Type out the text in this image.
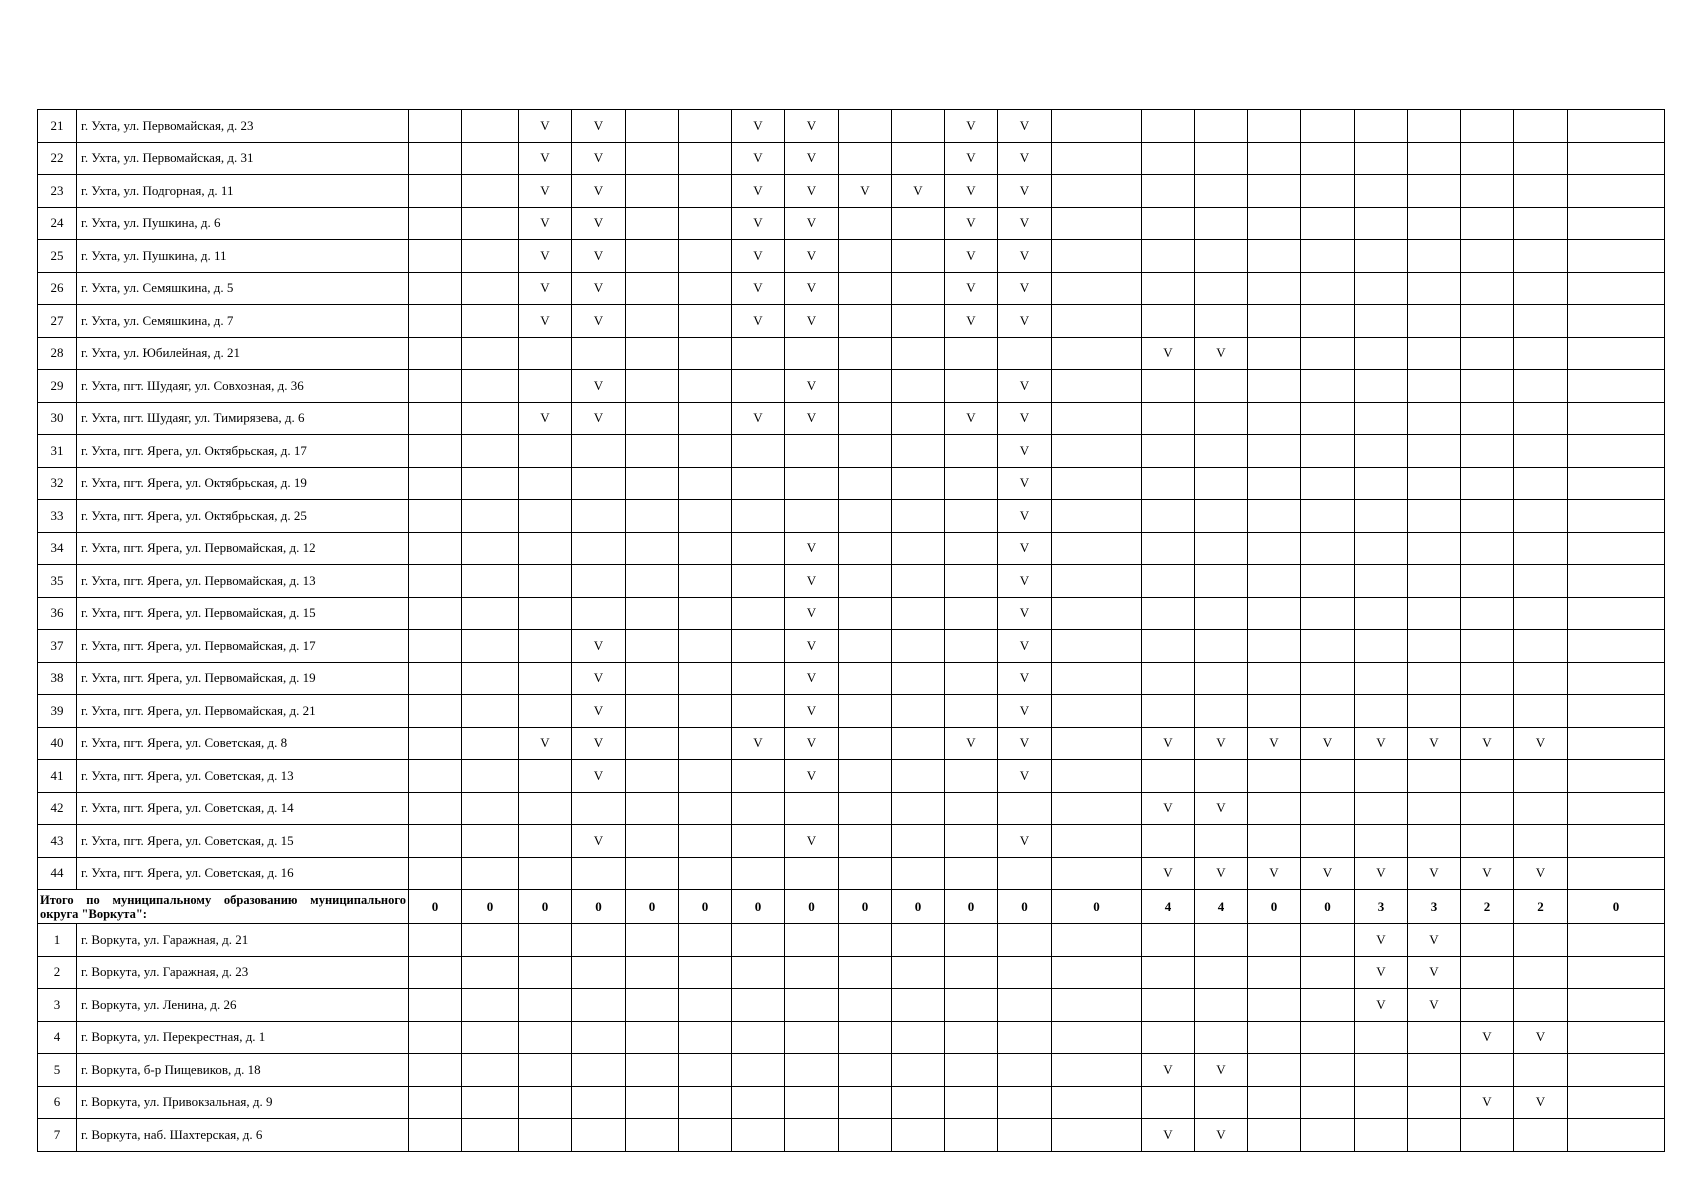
21	г. Ухта, ул. Первомайская, д. 23			V	V			V	V			V	V										
22	г. Ухта, ул. Первомайская, д. 31			V	V			V	V			V	V										
23	г. Ухта, ул. Подгорная, д. 11			V	V			V	V	V	V	V	V										
24	г. Ухта, ул. Пушкина, д. 6			V	V			V	V			V	V										
25	г. Ухта, ул. Пушкина, д. 11			V	V			V	V			V	V										
26	г. Ухта, ул. Семяшкина, д. 5			V	V			V	V			V	V										
27	г. Ухта, ул. Семяшкина, д. 7			V	V			V	V			V	V										
28	г. Ухта, ул. Юбилейная, д. 21														V	V							
29	г. Ухта, пгт. Шудаяг, ул. Совхозная, д. 36				V				V				V										
30	г. Ухта, пгт. Шудаяг, ул. Тимирязева, д. 6			V	V			V	V			V	V										
31	г. Ухта, пгт. Ярега, ул. Октябрьская, д. 17												V										
32	г. Ухта, пгт. Ярега, ул. Октябрьская, д. 19												V										
33	г. Ухта, пгт. Ярега, ул. Октябрьская, д. 25												V										
34	г. Ухта, пгт. Ярега, ул. Первомайская, д. 12								V				V										
35	г. Ухта, пгт. Ярега, ул. Первомайская, д. 13								V				V										
36	г. Ухта, пгт. Ярега, ул. Первомайская, д. 15								V				V										
37	г. Ухта, пгт. Ярега, ул. Первомайская, д. 17				V				V				V										
38	г. Ухта, пгт. Ярега, ул. Первомайская, д. 19				V				V				V										
39	г. Ухта, пгт. Ярега, ул. Первомайская, д. 21				V				V				V										
40	г. Ухта, пгт. Ярега, ул. Советская, д. 8			V	V			V	V			V	V		V	V	V	V	V	V	V	V	
41	г. Ухта, пгт. Ярега, ул. Советская, д. 13				V				V				V										
42	г. Ухта, пгт. Ярега, ул. Советская, д. 14														V	V							
43	г. Ухта, пгт. Ярега, ул. Советская, д. 15				V				V				V										
44	г. Ухта, пгт. Ярега, ул. Советская, д. 16														V	V	V	V	V	V	V	V	
Итого по муниципальному образованию муниципального округа "Воркута":		0	0	0	0	0	0	0	0	0	0	0	0	0	4	4	0	0	3	3	2	2	0
1	г. Воркута, ул. Гаражная, д. 21																		V	V			
2	г. Воркута, ул. Гаражная, д. 23																		V	V			
3	г. Воркута, ул. Ленина, д. 26																		V	V			
4	г. Воркута, ул. Перекрестная, д. 1																				V	V	
5	г. Воркута, б-р Пищевиков, д. 18														V	V							
6	г. Воркута, ул. Привокзальная, д. 9																				V	V	
7	г. Воркута, наб. Шахтерская, д. 6														V	V							
